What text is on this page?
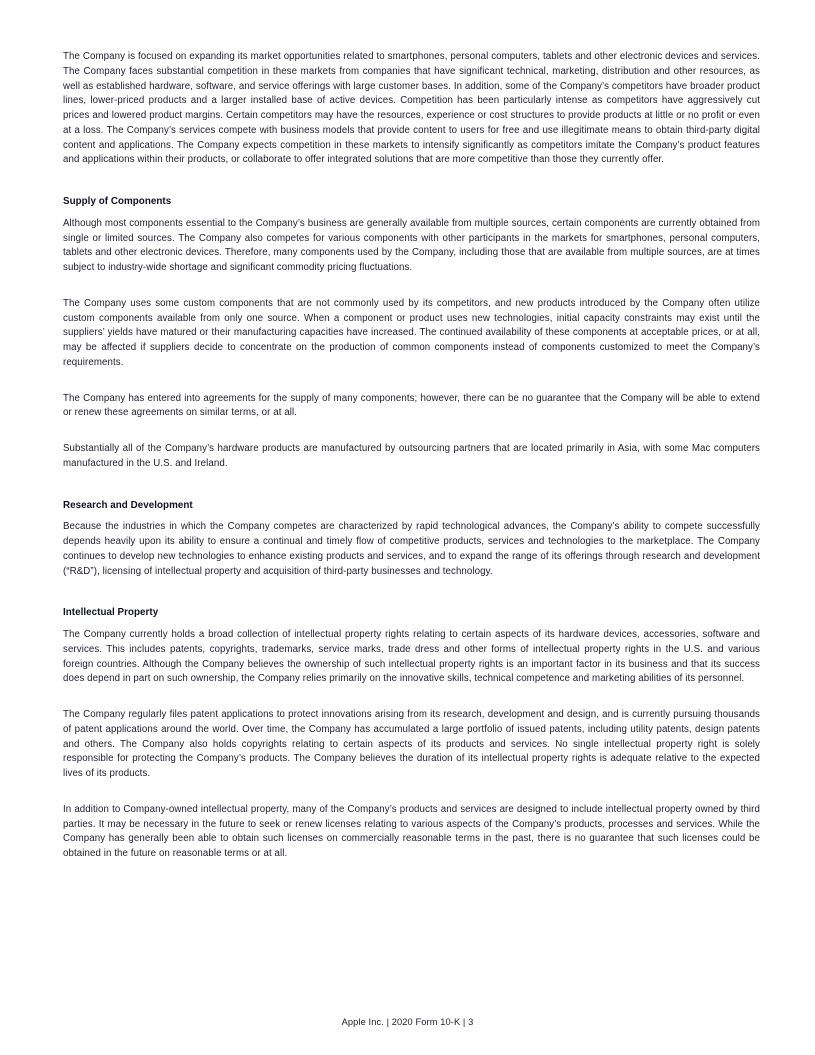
The Company is focused on expanding its market opportunities related to smartphones, personal computers, tablets and other electronic devices and services. The Company faces substantial competition in these markets from companies that have significant technical, marketing, distribution and other resources, as well as established hardware, software, and service offerings with large customer bases. In addition, some of the Company’s competitors have broader product lines, lower-priced products and a larger installed base of active devices. Competition has been particularly intense as competitors have aggressively cut prices and lowered product margins. Certain competitors may have the resources, experience or cost structures to provide products at little or no profit or even at a loss. The Company’s services compete with business models that provide content to users for free and use illegitimate means to obtain third-party digital content and applications. The Company expects competition in these markets to intensify significantly as competitors imitate the Company’s product features and applications within their products, or collaborate to offer integrated solutions that are more competitive than those they currently offer.

Supply of Components

Although most components essential to the Company’s business are generally available from multiple sources, certain components are currently obtained from single or limited sources. The Company also competes for various components with other participants in the markets for smartphones, personal computers, tablets and other electronic devices. Therefore, many components used by the Company, including those that are available from multiple sources, are at times subject to industry-wide shortage and significant commodity pricing fluctuations.

The Company uses some custom components that are not commonly used by its competitors, and new products introduced by the Company often utilize custom components available from only one source. When a component or product uses new technologies, initial capacity constraints may exist until the suppliers’ yields have matured or their manufacturing capacities have increased. The continued availability of these components at acceptable prices, or at all, may be affected if suppliers decide to concentrate on the production of common components instead of components customized to meet the Company’s requirements.

The Company has entered into agreements for the supply of many components; however, there can be no guarantee that the Company will be able to extend or renew these agreements on similar terms, or at all.

Substantially all of the Company’s hardware products are manufactured by outsourcing partners that are located primarily in Asia, with some Mac computers manufactured in the U.S. and Ireland.

Research and Development

Because the industries in which the Company competes are characterized by rapid technological advances, the Company’s ability to compete successfully depends heavily upon its ability to ensure a continual and timely flow of competitive products, services and technologies to the marketplace. The Company continues to develop new technologies to enhance existing products and services, and to expand the range of its offerings through research and development (“R&D”), licensing of intellectual property and acquisition of third-party businesses and technology.

Intellectual Property

The Company currently holds a broad collection of intellectual property rights relating to certain aspects of its hardware devices, accessories, software and services. This includes patents, copyrights, trademarks, service marks, trade dress and other forms of intellectual property rights in the U.S. and various foreign countries. Although the Company believes the ownership of such intellectual property rights is an important factor in its business and that its success does depend in part on such ownership, the Company relies primarily on the innovative skills, technical competence and marketing abilities of its personnel.

The Company regularly files patent applications to protect innovations arising from its research, development and design, and is currently pursuing thousands of patent applications around the world. Over time, the Company has accumulated a large portfolio of issued patents, including utility patents, design patents and others. The Company also holds copyrights relating to certain aspects of its products and services. No single intellectual property right is solely responsible for protecting the Company’s products. The Company believes the duration of its intellectual property rights is adequate relative to the expected lives of its products.

In addition to Company-owned intellectual property, many of the Company’s products and services are designed to include intellectual property owned by third parties. It may be necessary in the future to seek or renew licenses relating to various aspects of the Company’s products, processes and services. While the Company has generally been able to obtain such licenses on commercially reasonable terms in the past, there is no guarantee that such licenses could be obtained in the future on reasonable terms or at all.

Apple Inc. | 2020 Form 10-K | 3
